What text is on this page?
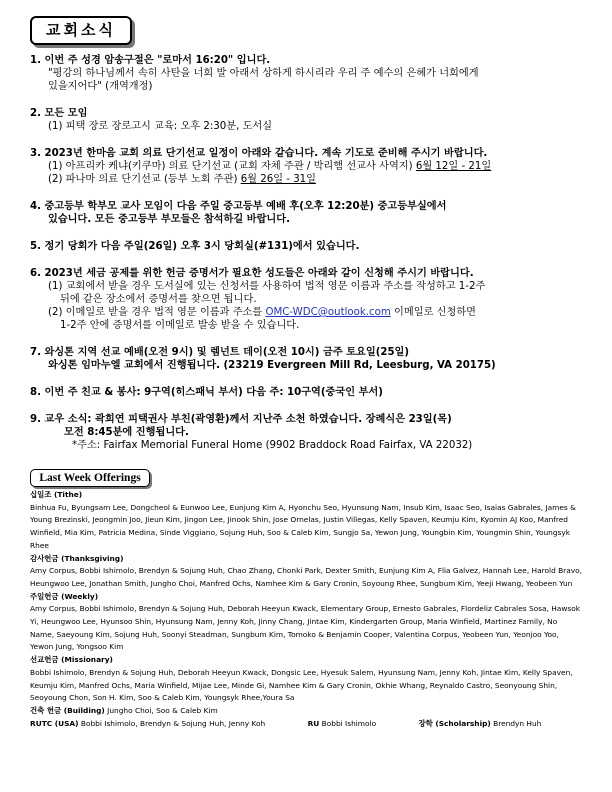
교회소식
1. 이번 주 성경 암송구절은 "로마서 16:20" 입니다.
"평강의 하나님께서 속히 사탄을 너희 발 아래서 상하게 하시리라 우리 주 예수의 은혜가 너희에게
있을지어다" (개역개정)
2. 모든 모임
(1) 피택 장로 장로고시 교육: 오후 2:30분, 도서실
3. 2023년 한마음 교회 의료 단기선교 일정이 아래와 같습니다. 계속 기도로 준비해 주시기 바랍니다.
(1) 아프리카 케냐(키쿠마) 의료 단기선교 (교회 자체 주관 / 박리햄 선교사 사역지) 6월 12일 - 21일
(2) 파나마 의료 단기선교 (등부 노회 주관) 6월 26일 - 31일
4. 중고등부 학부모 교사 모임이 다음 주일 중고등부 예배 후(오후 12:20분) 중고등부실에서
있습니다. 모든 중고등부 부모들은 참석하길 바랍니다.
5. 정기 당회가 다음 주일(26일) 오후 3시 당회실(#131)에서 있습니다.
6. 2023년 세금 공제를 위한 헌금 증명서가 필요한 성도들은 아래와 같이 신청해 주시기 바랍니다.
(1) 교회에서 받을 경우 도서실에 있는 신청서를 사용하여 법적 영문 이름과 주소를 작성하고 1-2주
뒤에 같은 장소에서 증명서를 찾으면 됩니다.
(2) 이메일로 받을 경우 법적 영문 이름과 주소를 OMC-WDC@outlook.com 이메일로 신청하면
1-2주 안에 증명서를 이메일로 발송 받을 수 있습니다.
7. 와싱톤 지역 선교 예배(오전 9시) 및 렘넌트 데이(오전 10시) 금주 토요일(25일)
와싱톤 임마누엘 교회에서 진행됩니다. (23219 Evergreen Mill Rd, Leesburg, VA 20175)
8. 이번 주 친교 & 봉사: 9구역(히스패닉 부서) 다음 주: 10구역(중국인 부서)
9. 교우 소식: 곽희연 피택권사 부친(곽영환)께서 지난주 소천 하였습니다. 장례식은 23일(목)
모전 8:45분에 진행됩니다.
*주소: Fairfax Memorial Funeral Home (9902 Braddock Road Fairfax, VA 22032)
Last Week Offerings
십일조 (Tithe)
Binhua Fu, Byungsam Lee, Dongcheol & Eunwoo Lee, Eunjung Kim A, Hyonchu Seo, Hyunsung Nam, Insub Kim, Isaac Seo, Isaias Gabrales, James & Young Brezinski, Jeongmin Joo, Jieun Kim, Jingon Lee, Jinook Shin, Jose Ornelas, Justin Villegas, Kelly Spaven, Keumju Kim, Kyomin AJ Koo, Manfred Winfield, Mia Kim, Patricia Medina, Sinde Viggiano, Sojung Huh, Soo & Caleb Kim, Sungjo Sa, Yewon Jung, Youngbin Kim, Youngmin Shin, Youngsyk Rhee
감사헌금 (Thanksgiving)
Amy Corpus, Bobbi Ishimolo, Brendyn & Sojung Huh, Chao Zhang, Chonki Park, Dexter Smith, Eunjung Kim A, Flia Galvez, Hannah Lee, Harold Bravo, Heungwoo Lee, Jonathan Smith, Jungho Choi, Manfred Ochs, Namhee Kim & Gary Cronin, Soyoung Rhee, Sungbum Kim, Yeeji Hwang, Yeobeen Yun
주일헌금 (Weekly)
Amy Corpus, Bobbi Ishimolo, Brendyn & Sojung Huh, Deborah Heeyun Kwack, Elementary Group, Ernesto Gabrales, Flordeliz Cabrales Sosa, Hawsok Yi, Heungwoo Lee, Hyunsoo Shin, Hyunsung Nam, Jenny Koh, Jinny Chang, Jintae Kim, Kindergarten Group, Maria Winfield, Martinez Family, No Name, Saeyoung Kim, Sojung Huh, Soonyi Steadman, Sungbum Kim, Tomoko & Benjamin Cooper, Valentina Corpus, Yeobeen Yun, Yeonjoo Yoo, Yewon Jung, Yongsoo Kim
선교헌금 (Missionary)
Bobbi Ishimolo, Brendyn & Sojung Huh, Deborah Heeyun Kwack, Dongsic Lee, Hyesuk Salem, Hyunsung Nam, Jenny Koh, Jintae Kim, Kelly Spaven, Keumju Kim, Manfred Ochs, Maria Winfield, Mijae Lee, Minde Gi, Namhee Kim & Gary Cronin, Okhie Whang, Reynaldo Castro, Seonyoung Shin, Seoyoung Chon, Son H. Kim, Soo & Caleb Kim, Youngsyk Rhee,Youra Sa
건축 헌금 (Building) Jungho Choi, Soo & Caleb Kim
RUTC (USA) Bobbi Ishimolo, Brendyn & Sojung Huh, Jenny Koh	RU Bobbi Ishimolo	장학 (Scholarship) Brendyn Huh
